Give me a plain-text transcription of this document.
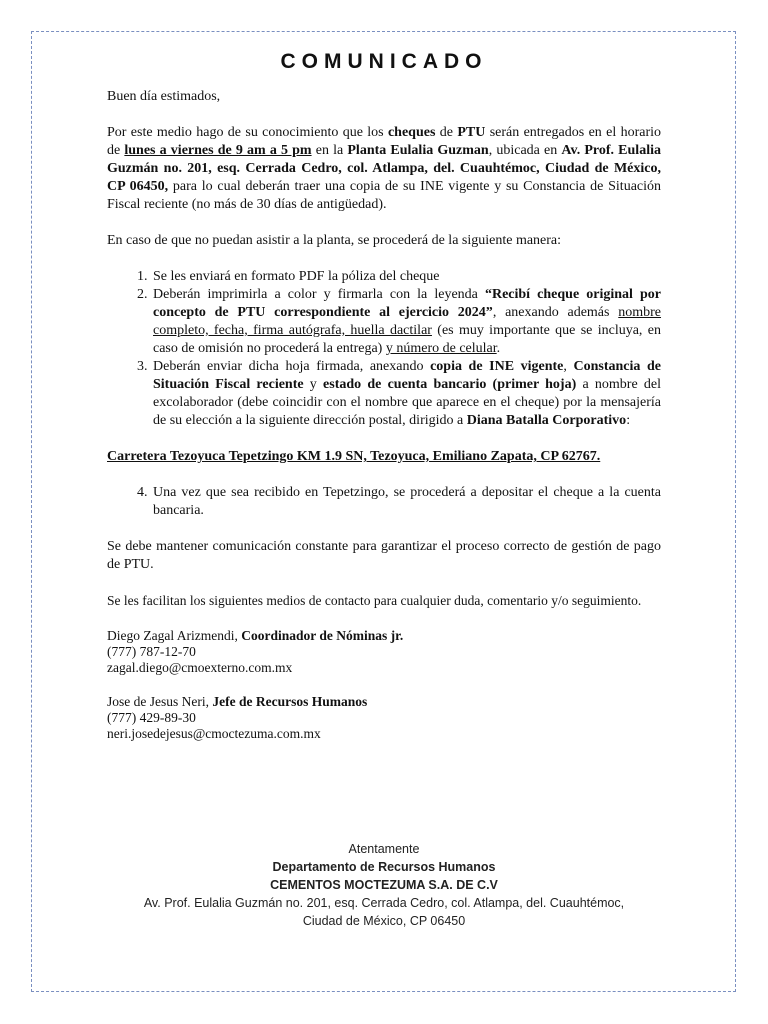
COMUNICADO

Buen día estimados,

Por este medio hago de su conocimiento que los cheques de PTU serán entregados en el horario de lunes a viernes de 9 am a 5 pm en la Planta Eulalia Guzman, ubicada en Av. Prof. Eulalia Guzmán no. 201, esq. Cerrada Cedro, col. Atlampa, del. Cuauhtémoc, Ciudad de México, CP 06450, para lo cual deberán traer una copia de su INE vigente y su Constancia de Situación Fiscal reciente (no más de 30 días de antigüedad).

En caso de que no puedan asistir a la planta, se procederá de la siguiente manera:

1. Se les enviará en formato PDF la póliza del cheque
2. Deberán imprimirla a color y firmarla con la leyenda “Recibí cheque original por concepto de PTU correspondiente al ejercicio 2024”, anexando además nombre completo, fecha, firma autógrafa, huella dactilar (es muy importante que se incluya, en caso de omisión no procederá la entrega) y número de celular.
3. Deberán enviar dicha hoja firmada, anexando copia de INE vigente, Constancia de Situación Fiscal reciente y estado de cuenta bancario (primer hoja) a nombre del excolaborador (debe coincidir con el nombre que aparece en el cheque) por la mensajería de su elección a la siguiente dirección postal, dirigido a Diana Batalla Corporativo:

Carretera Tezoyuca Tepetzingo KM 1.9 SN, Tezoyuca, Emiliano Zapata, CP 62767.

4. Una vez que sea recibido en Tepetzingo, se procederá a depositar el cheque a la cuenta bancaria.

Se debe mantener comunicación constante para garantizar el proceso correcto de gestión de pago de PTU.

Se les facilitan los siguientes medios de contacto para cualquier duda, comentario y/o seguimiento.

Diego Zagal Arizmendi, Coordinador de Nóminas jr.
(777) 787-12-70
zagal.diego@cmoexterno.com.mx
Jose de Jesus Neri, Jefe de Recursos Humanos
(777) 429-89-30
neri.josedejesus@cmoctezuma.com.mx
Atentamente
Departamento de Recursos Humanos
CEMENTOS MOCTEZUMA S.A. DE C.V
Av. Prof. Eulalia Guzmán no. 201, esq. Cerrada Cedro, col. Atlampa, del. Cuauhtémoc,
Ciudad de México, CP 06450
